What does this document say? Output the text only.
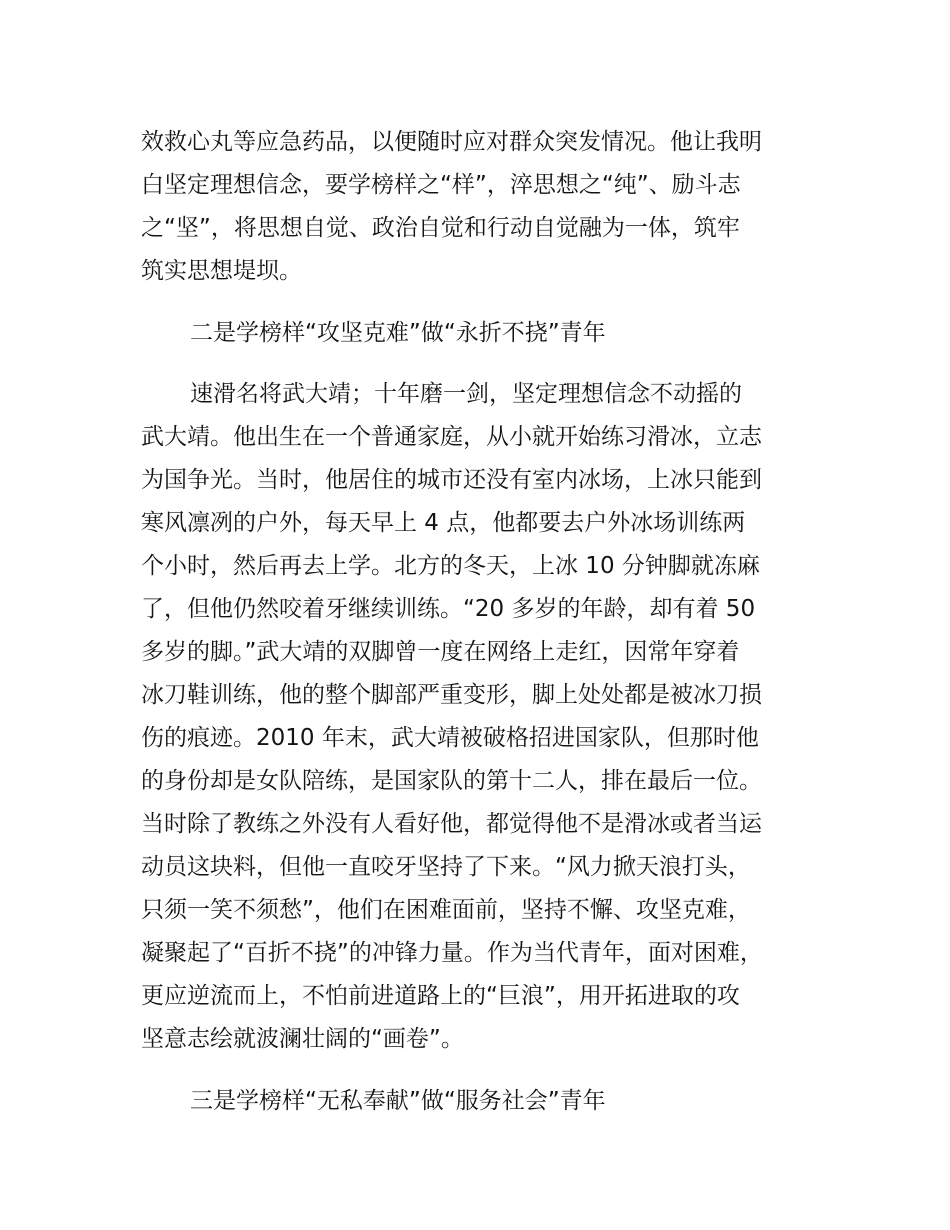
效救心丸等应急药品，以便随时应对群众突发情况。他让我明
白坚定理想信念，要学榜样之“样”，淬思想之“纯”、励斗志
之“坚”，将思想自觉、政治自觉和行动自觉融为一体，筑牢
筑实思想堤坝。
二是学榜样“攻坚克难”做“永折不挠”青年
速滑名将武大靖；十年磨一剑，坚定理想信念不动摇的
武大靖。他出生在一个普通家庭，从小就开始练习滑冰，立志
为国争光。当时，他居住的城市还没有室内冰场，上冰只能到
寒风凛冽的户外，每天早上 4 点，他都要去户外冰场训练两
个小时，然后再去上学。北方的冬天，上冰 10 分钟脚就冻麻
了，但他仍然咬着牙继续训练。“20 多岁的年龄，却有着 50
多岁的脚。”武大靖的双脚曾一度在网络上走红，因常年穿着
冰刀鞋训练，他的整个脚部严重变形，脚上处处都是被冰刀损
伤的痕迹。2010 年末，武大靖被破格招进国家队，但那时他
的身份却是女队陪练，是国家队的第十二人，排在最后一位。
当时除了教练之外没有人看好他，都觉得他不是滑冰或者当运
动员这块料，但他一直咬牙坚持了下来。“风力掀天浪打头，
只须一笑不须愁”，他们在困难面前，坚持不懈、攻坚克难，
凝聚起了“百折不挠”的冲锋力量。作为当代青年，面对困难，
更应逆流而上，不怕前进道路上的“巨浪”，用开拓进取的攻
坚意志绘就波澜壮阔的“画卷”。
三是学榜样“无私奉献”做“服务社会”青年
